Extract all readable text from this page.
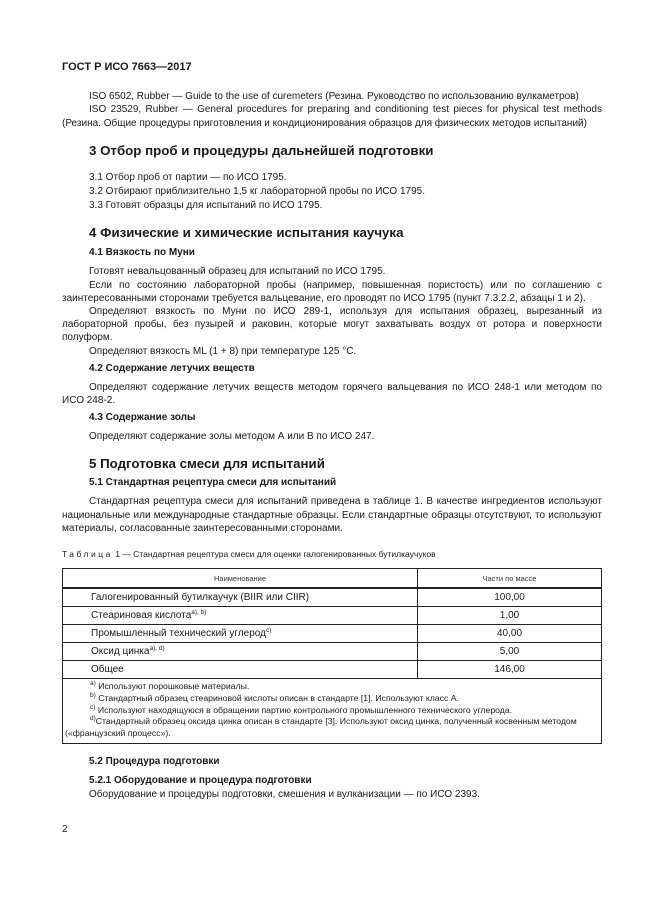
ГОСТ Р ИСО 7663—2017

ISO 6502, Rubber — Guide to the use of curemeters (Резина. Руководство по использованию вулкаметров)

ISO 23529, Rubber — General procedures for preparing and conditioning test pieces for physical test methods (Резина. Общие процедуры приготовления и кондиционирования образцов для физических методов испытаний)

3 Отбор проб и процедуры дальнейшей подготовки

3.1 Отбор проб от партии — по ИСО 1795.

3.2 Отбирают приблизительно 1,5 кг лабораторной пробы по ИСО 1795.

3.3 Готовят образцы для испытаний по ИСО 1795.

4 Физические и химические испытания каучука
4.1 Вязкость по Муни

Готовят невальцованный образец для испытаний по ИСО 1795.

Если по состоянию лабораторной пробы (например, повышенная пористость) или по соглашению с заинтересованными сторонами требуется вальцевание, его проводят по ИСО 1795 (пункт 7.3.2.2, абзацы 1 и 2).

Определяют вязкость по Муни по ИСО 289-1, используя для испытания образец, вырезанный из лабораторной пробы, без пузырей и раковин, которые могут захватывать воздух от ротора и поверхности полуформ.

Определяют вязкость ML (1 + 8) при температуре 125 °С.

4.2 Содержание летучих веществ

Определяют содержание летучих веществ методом горячего вальцевания по ИСО 248-1 или методом по ИСО 248-2.

4.3 Содержание золы

Определяют содержание золы методом А или В по ИСО 247.

5 Подготовка смеси для испытаний
5.1 Стандартная рецептура смеси для испытаний

Стандартная рецептура смеси для испытаний приведена в таблице 1. В качестве ингредиентов используют национальные или международные стандартные образцы. Если стандартные образцы отсутствуют, то используют материалы, согласованные заинтересованными сторонами.

Таблица 1 — Стандартная рецептура смеси для оценки галогенированных бутилкаучуков
Наименование	Части по массе
Галогенированный бутилкаучук (BIIR или CIIR)	100,00
Стеариновая кислота$^{a), b)}$	1,00
Промышленный технический углерод$^{c)}$	40,00
Оксид цинка$^{a), d)}$	5,00
Общее	146,00

$^{a)}$ Используют порошковые материалы.
$^{b)}$ Стандартный образец стеариновой кислоты описан в стандарте [1]. Используют класс А.
$^{c)}$ Используют находящуюся в обращении партию контрольного промышленного технического углерода.
$^{d)}$Стандартный образец оксида цинка описан в стандарте [3]. Используют оксид цинка, полученный косвенным методом («французский процесс»).	
5.2 Процедура подготовки
5.2.1 Оборудование и процедура подготовки

Оборудование и процедуры подготовки, смешения и вулканизации — по ИСО 2393.

2
